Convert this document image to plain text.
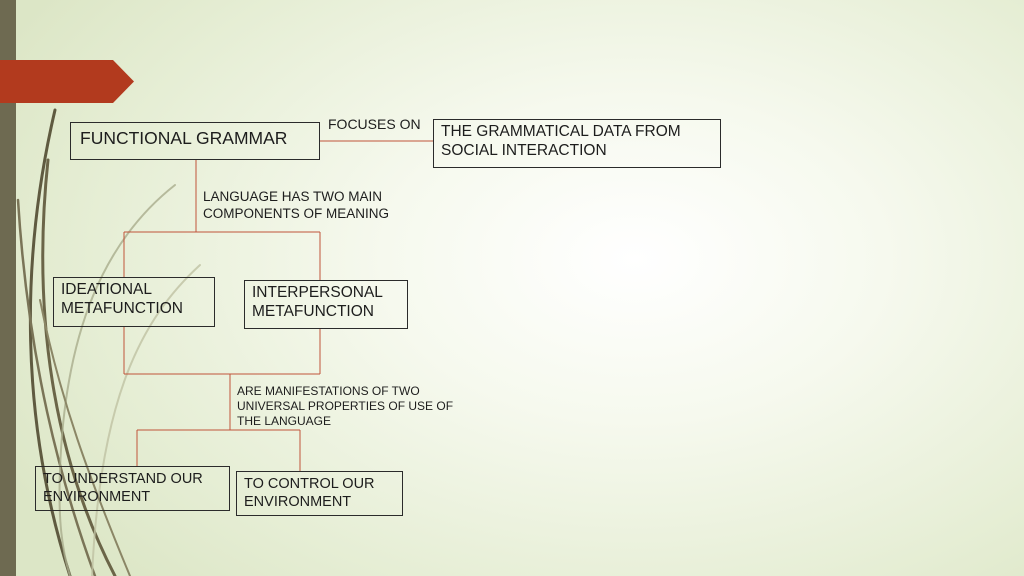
FUNCTIONAL GRAMMAR
FOCUSES ON	THE GRAMMATICAL DATA FROM SOCIAL INTERACTION
LANGUAGE HAS TWO MAIN COMPONENTS OF MEANING
IDEATIONAL METAFUNCTION
INTERPERSONAL METAFUNCTION
ARE MANIFESTATIONS OF TWO UNIVERSAL PROPERTIES OF USE OF THE LANGUAGE
TO UNDERSTAND OUR ENVIRONMENT
TO CONTROL OUR ENVIRONMENT
